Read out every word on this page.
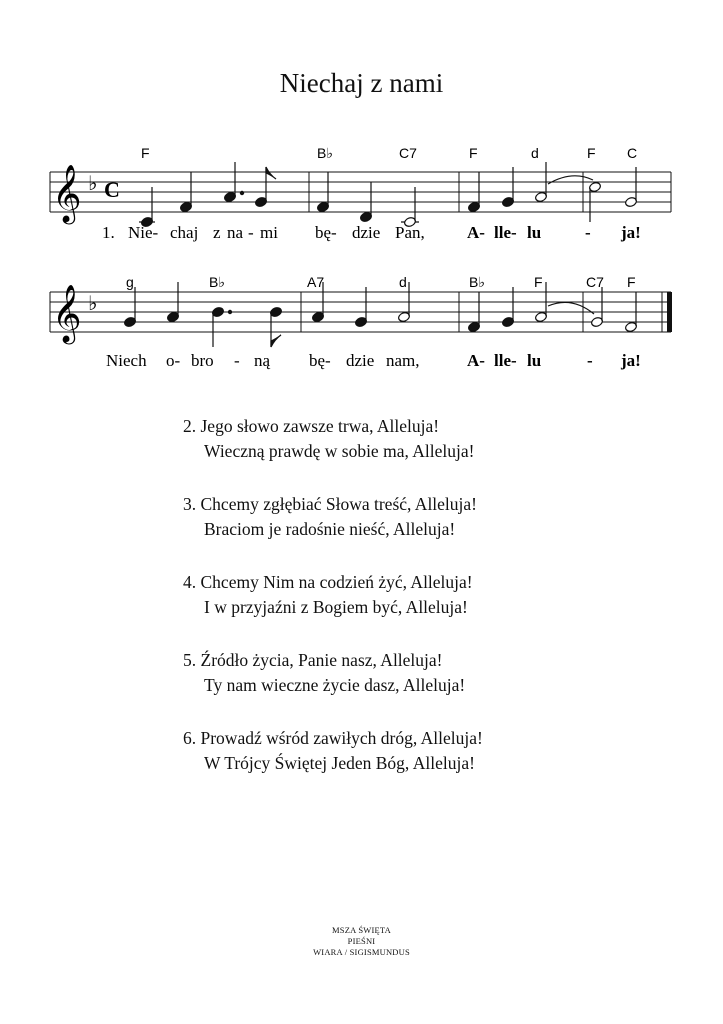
Niechaj z nami
𝄞 ♭ C
F	B♭	C7	F	d	F C
1. Nie- chaj z na - mi bę- dzie Pan, A- lle- lu	- ja!
𝄞 ♭
g	B♭	A7	d	B♭	F	C7 F
Niech o- bro - ną bę- dzie nam,	A- lle- lu	- ja!
2. Jego słowo zawsze trwa, Alleluja!
Wieczną prawdę w sobie ma, Alleluja!
3. Chcemy zgłębiać Słowa treść, Alleluja!
Braciom je radośnie nieść, Alleluja!
4. Chcemy Nim na codzień żyć, Alleluja!
I w przyjaźni z Bogiem być, Alleluja!
5. Źródło życia, Panie nasz, Alleluja!
Ty nam wieczne życie dasz, Alleluja!
6. Prowadź wśród zawiłych dróg, Alleluja!
W Trójcy Świętej Jeden Bóg, Alleluja!
MSZA ŚWIĘTA
PIEŚNI
WIARA / SIGISMUNDUS
